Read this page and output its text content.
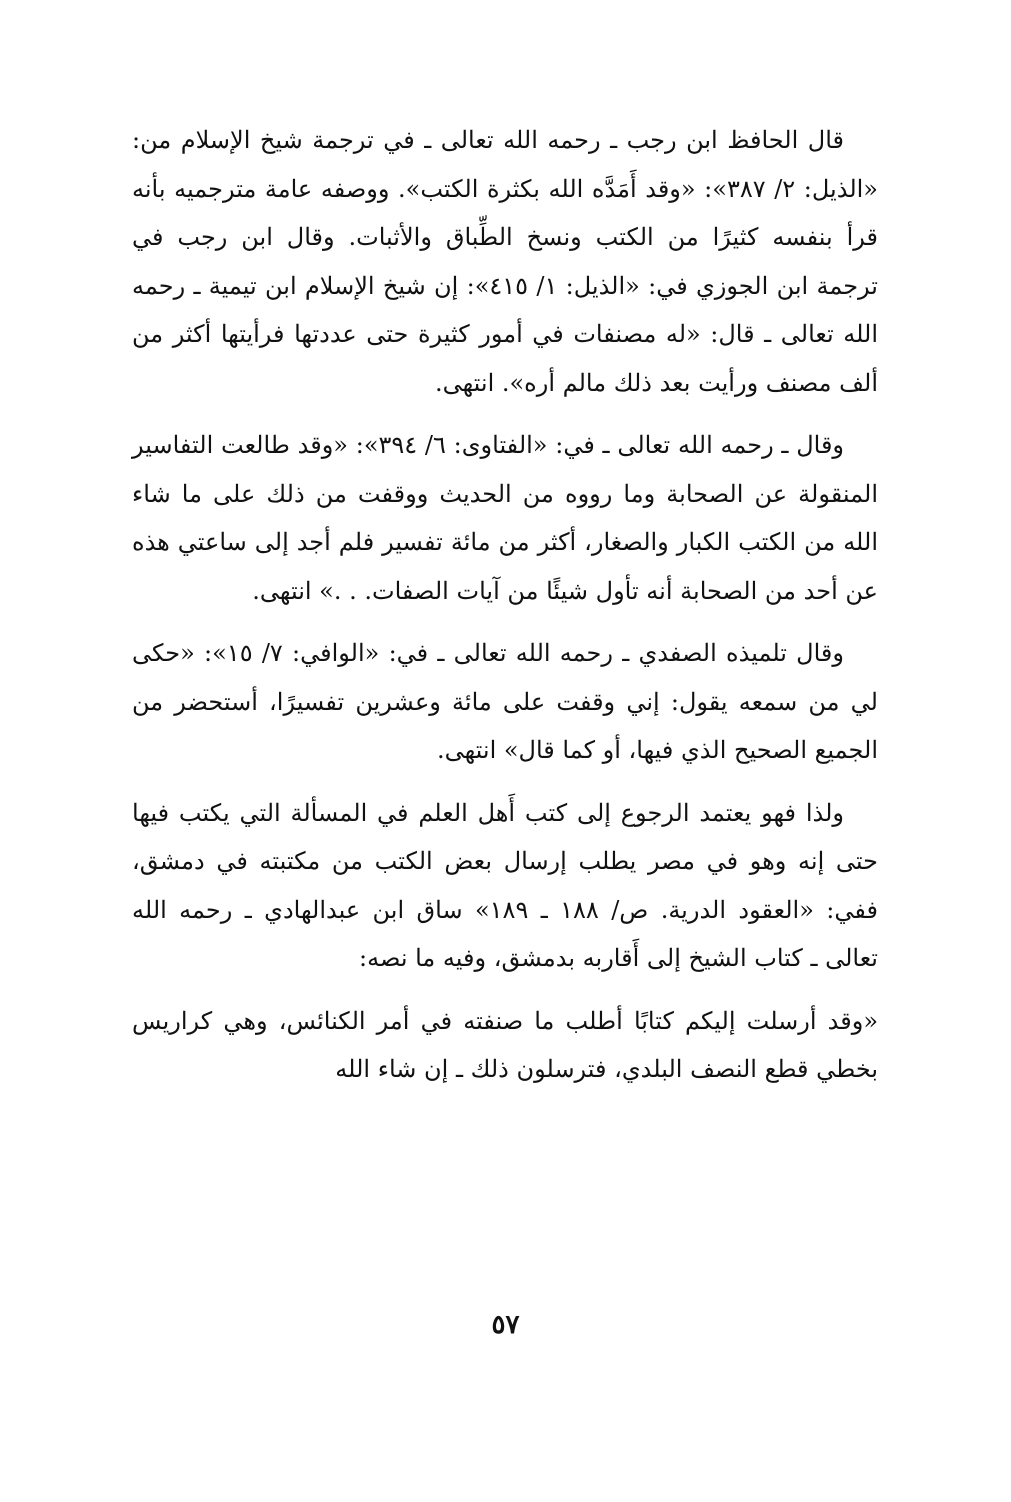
قال الحافظ ابن رجب ـ رحمه الله تعالى ـ في ترجمة شيخ الإسلام من: «الذيل: ٢/ ٣٨٧»: «وقد أَمَدَّه الله بكثرة الكتب». ووصفه عامة مترجميه بأنه قرأ بنفسه كثيرًا من الكتب ونسخ الطِّباق والأثبات. وقال ابن رجب في ترجمة ابن الجوزي في: «الذيل: ١/ ٤١٥»: إن شيخ الإسلام ابن تيمية ـ رحمه الله تعالى ـ قال: «له مصنفات في أمور كثيرة حتى عددتها فرأيتها أكثر من ألف مصنف ورأيت بعد ذلك مالم أره». انتهى.

وقال ـ رحمه الله تعالى ـ في: «الفتاوى: ٦/ ٣٩٤»: «وقد طالعت التفاسير المنقولة عن الصحابة وما رووه من الحديث ووقفت من ذلك على ما شاء الله من الكتب الكبار والصغار، أكثر من مائة تفسير فلم أجد إلى ساعتي هذه عن أحد من الصحابة أنه تأول شيئًا من آيات الصفات. . .» انتهى.

وقال تلميذه الصفدي ـ رحمه الله تعالى ـ في: «الوافي: ٧/ ١٥»: «حكى لي من سمعه يقول: إني وقفت على مائة وعشرين تفسيرًا، أستحضر من الجميع الصحيح الذي فيها، أو كما قال» انتهى.

ولذا فهو يعتمد الرجوع إلى كتب أَهل العلم في المسألة التي يكتب فيها حتى إنه وهو في مصر يطلب إرسال بعض الكتب من مكتبته في دمشق، ففي: «العقود الدرية. ص/ ١٨٨ ـ ١٨٩» ساق ابن عبدالهادي ـ رحمه الله تعالى ـ كتاب الشيخ إلى أَقاربه بدمشق، وفيه ما نصه:

«وقد أرسلت إليكم كتابًا أطلب ما صنفته في أمر الكنائس، وهي كراريس بخطي قطع النصف البلدي، فترسلون ذلك ـ إن شاء الله

٥٧
